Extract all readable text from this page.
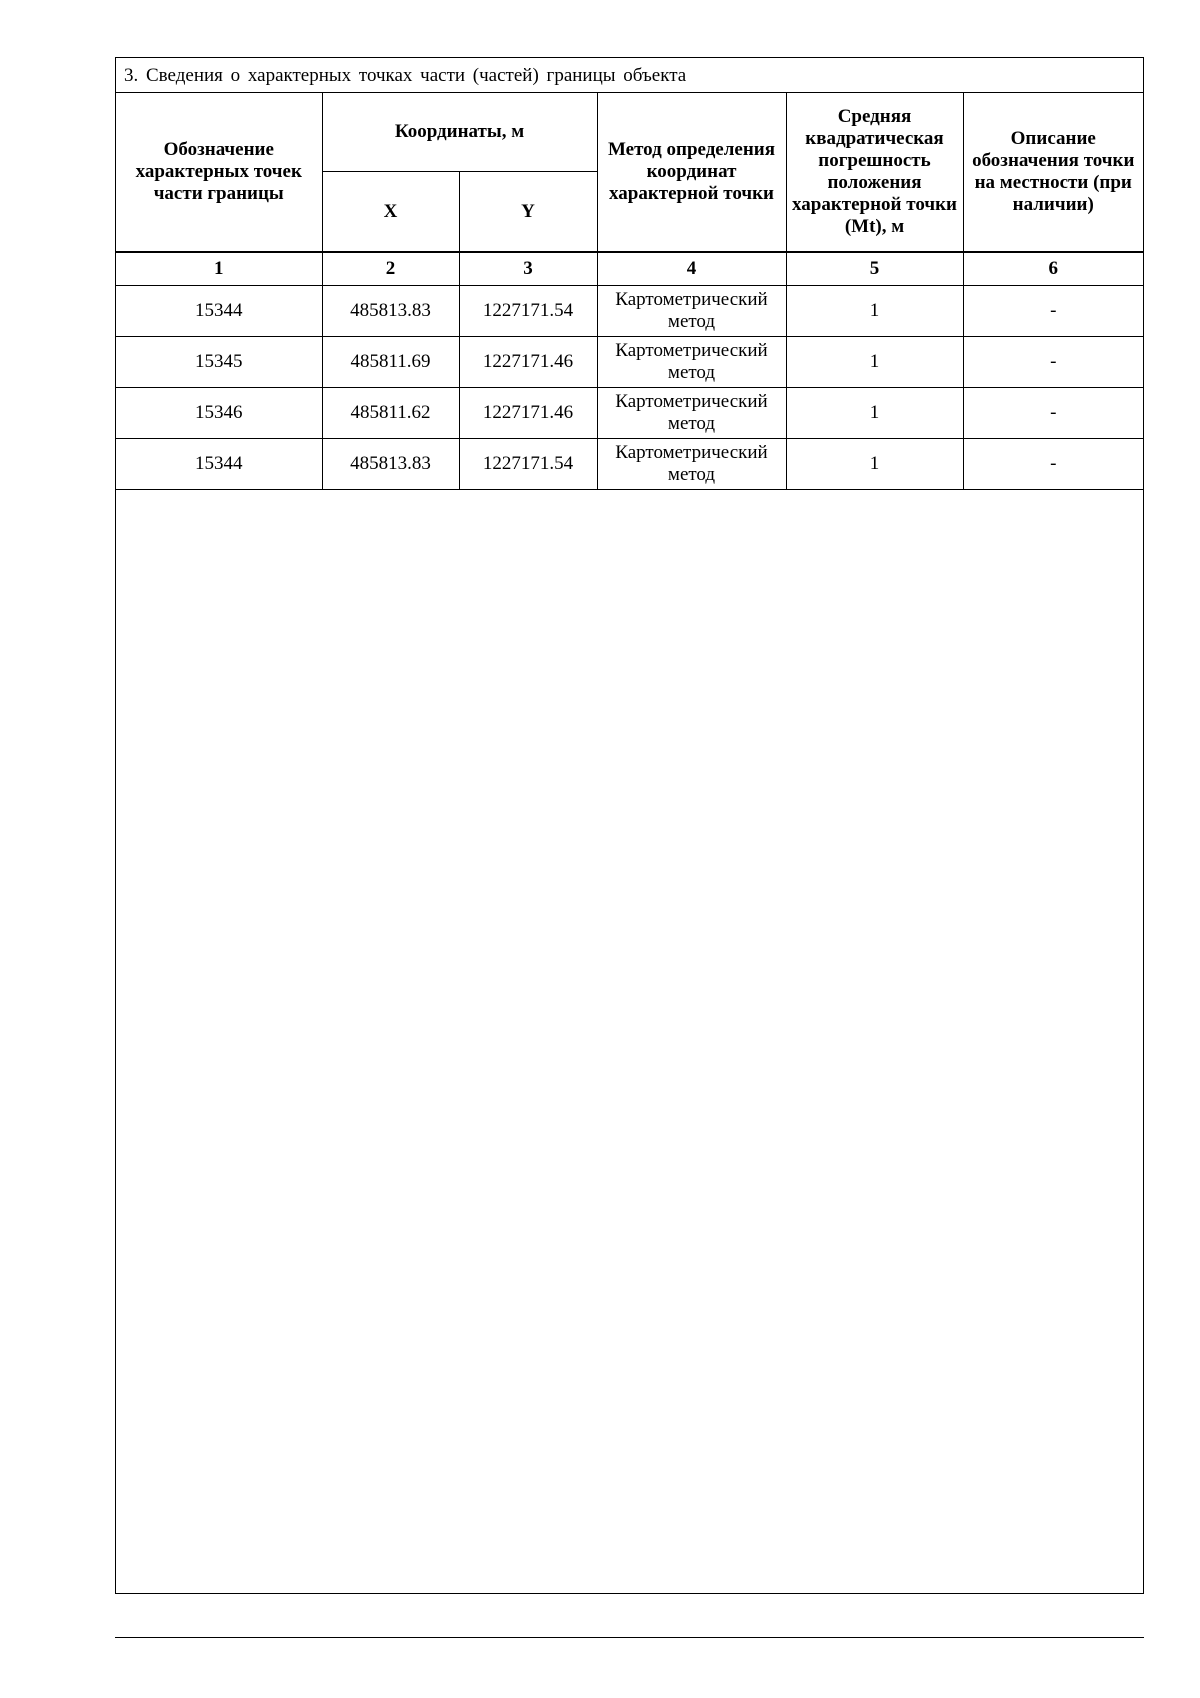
3. Сведения о характерных точках части (частей) границы объекта
Обозначение характерных точек части границы	Координаты, м		Метод определения координат характерной точки	Средняя квадратическая погрешность положения характерной точки (Mt), м	Описание обозначения точки на местности (при наличии)
	X	Y			
1	2	3	4	5	6
15344	485813.83	1227171.54	Картометрический метод	1	-
15345	485811.69	1227171.46	Картометрический метод	1	-
15346	485811.62	1227171.46	Картометрический метод	1	-
15344	485813.83	1227171.54	Картометрический метод	1	-
